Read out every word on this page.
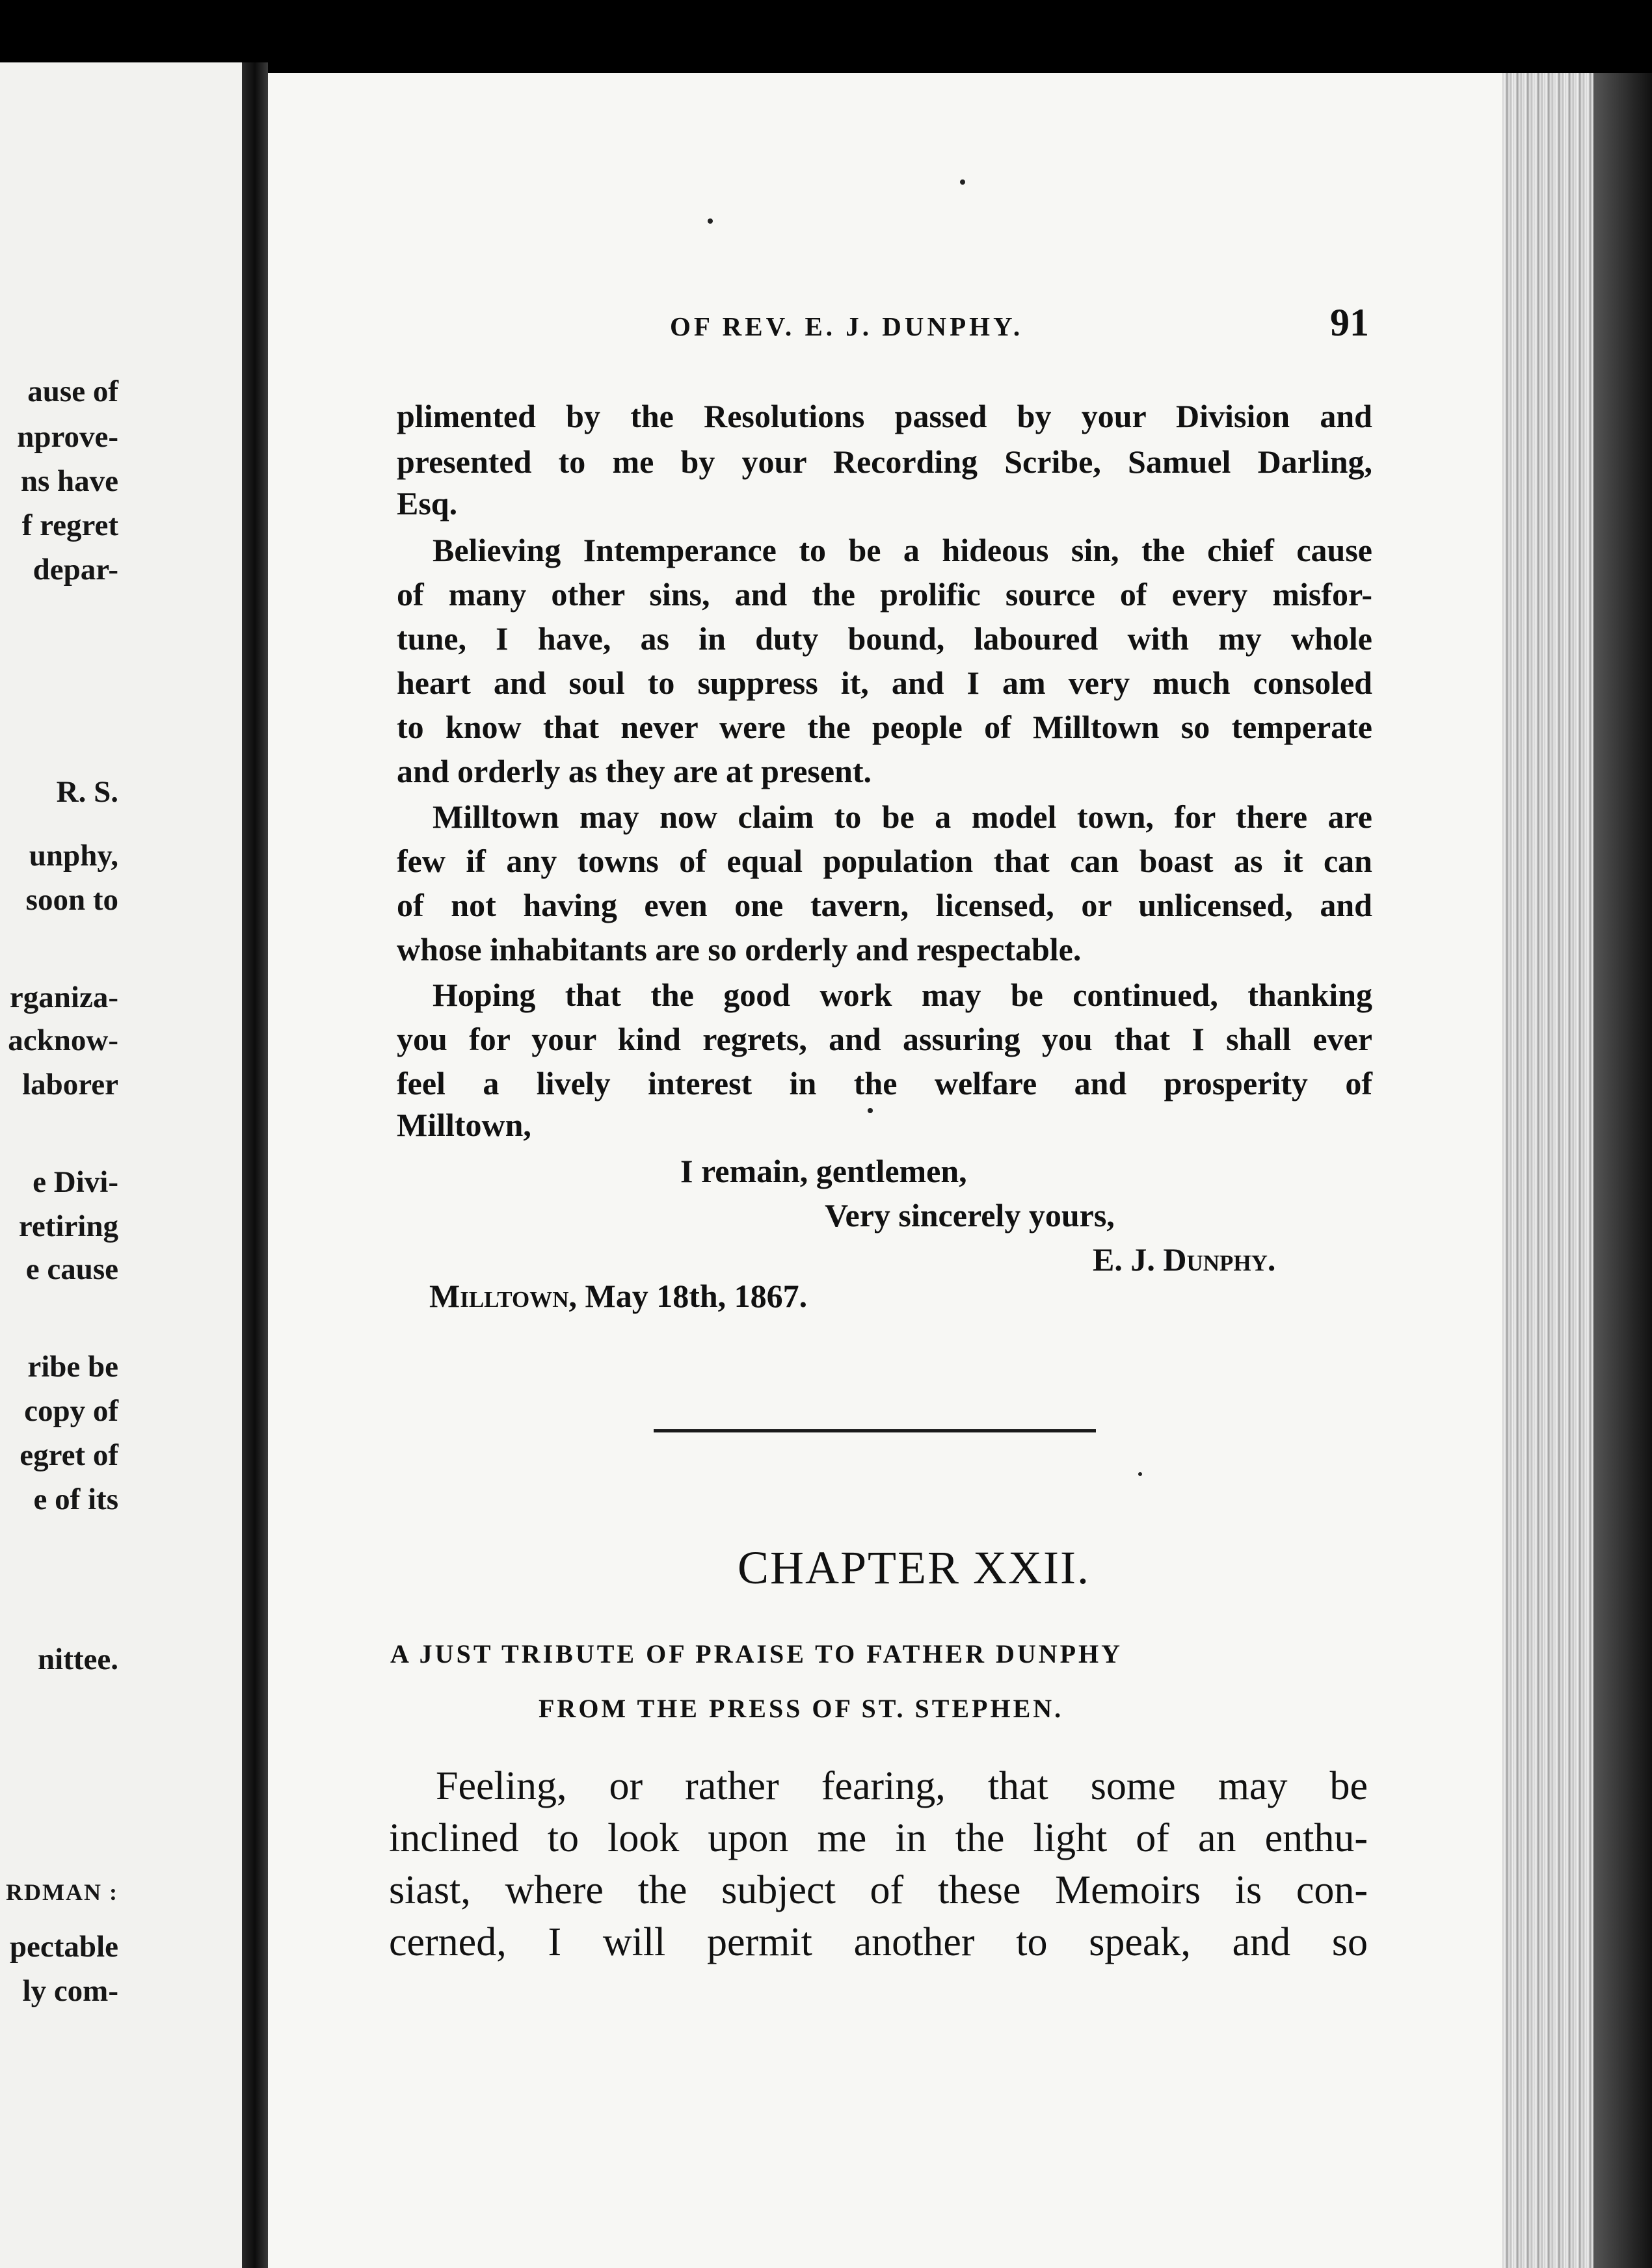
ause of
nprove-
ns have
f regret
depar-
R. S.
unphy,
soon to
rganiza-
acknow-
laborer
e Divi-
retiring
e cause
ribe be
copy of
egret of
e of its
nittee.
RDMAN :
pectable
ly com-
OF REV. E. J. DUNPHY.	91
plimented by the Resolutions passed by your Division and
presented to me by your Recording Scribe, Samuel Darling,
Esq.
Believing Intemperance to be a hideous sin, the chief cause
of many other sins, and the prolific source of every misfor-
tune, I have, as in duty bound, laboured with my whole
heart and soul to suppress it, and I am very much consoled
to know that never were the people of Milltown so temperate
and orderly as they are at present.
Milltown may now claim to be a model town, for there are
few if any towns of equal population that can boast as it can
of not having even one tavern, licensed, or unlicensed, and
whose inhabitants are so orderly and respectable.
Hoping that the good work may be continued, thanking
you for your kind regrets, and assuring you that I shall ever
feel a lively interest in the welfare and prosperity of
Milltown,
I remain, gentlemen,
Very sincerely yours,
E. J. Dunphy.
Milltown, May 18th, 1867.
CHAPTER XXII.
A JUST TRIBUTE OF PRAISE TO FATHER DUNPHY
FROM THE PRESS OF ST. STEPHEN.
Feeling, or rather fearing, that some may be
inclined to look upon me in the light of an enthu-
siast, where the subject of these Memoirs is con-
cerned, I will permit another to speak, and so
